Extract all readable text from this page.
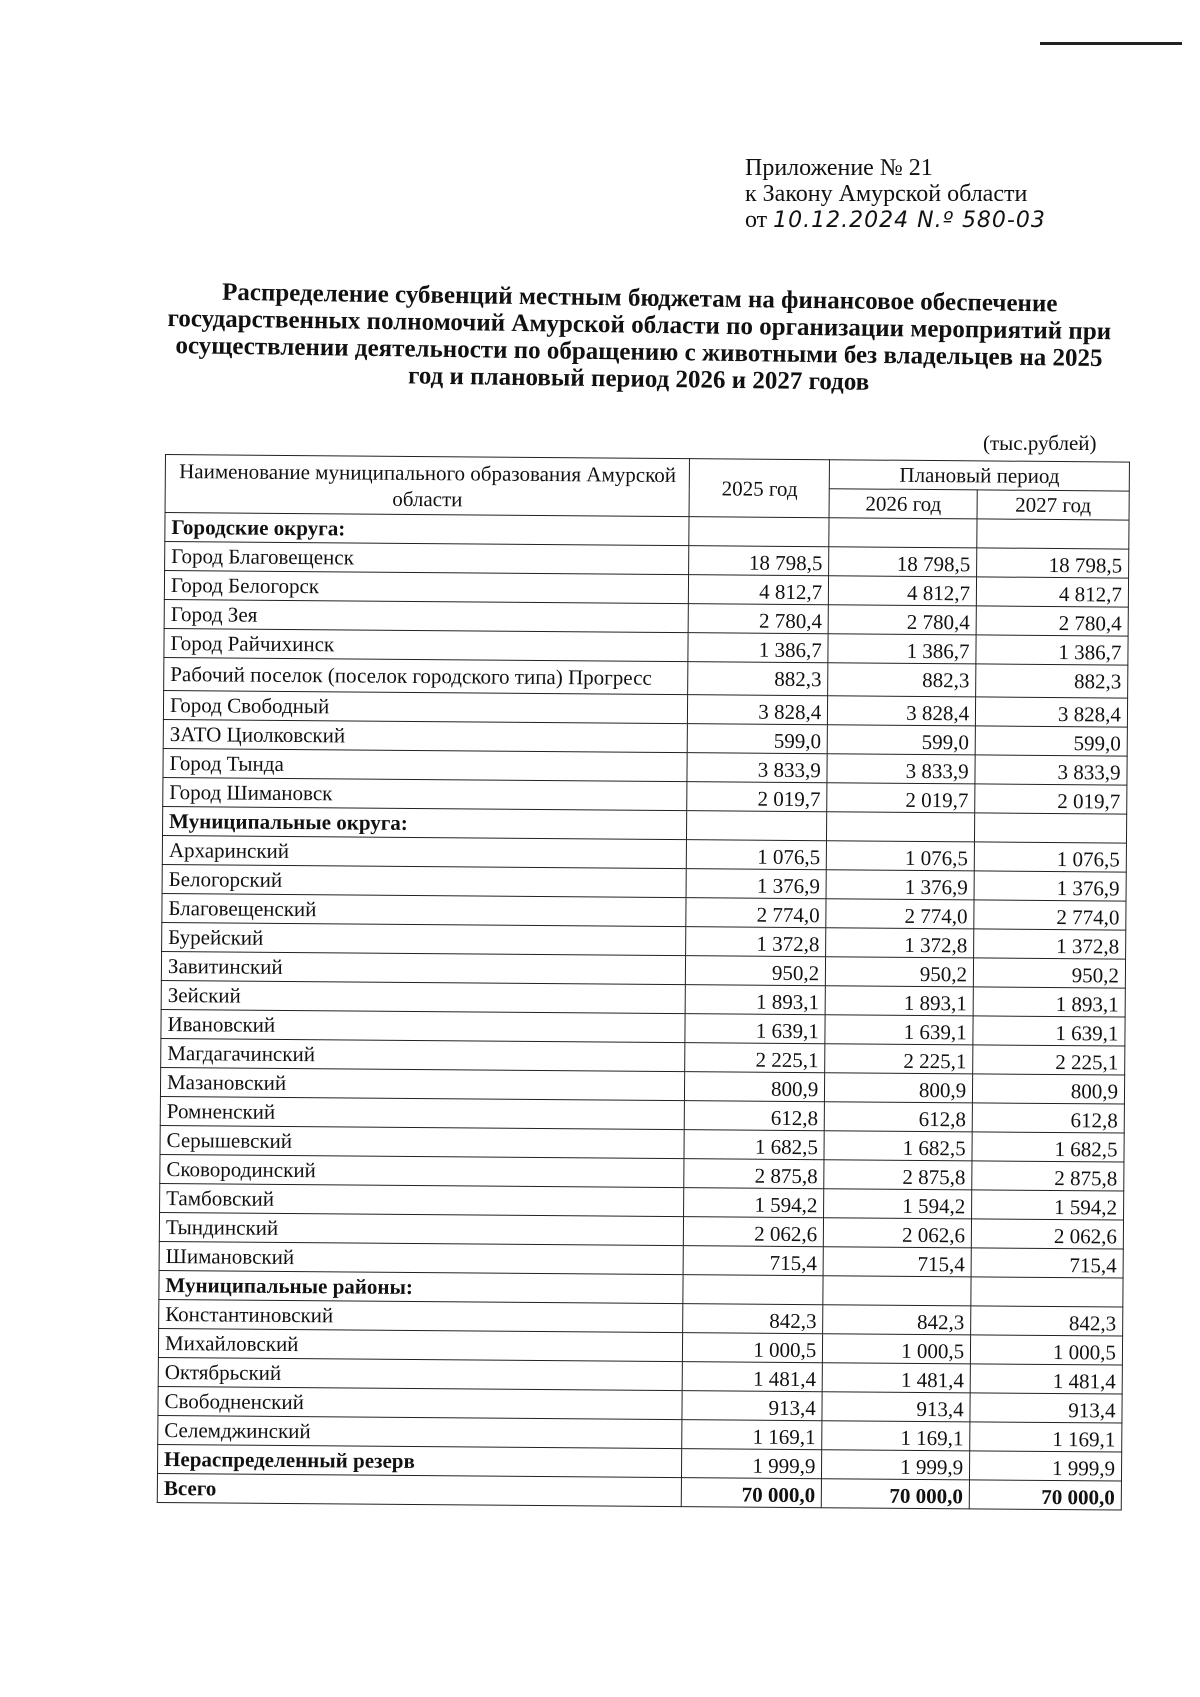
Приложение № 21
к Закону Амурской области
от 10.12.2024 N.º 580-03
Распределение субвенций местным бюджетам на финансовое обеспечение государственных полномочий Амурской области по организации мероприятий при осуществлении деятельности по обращению с животными без владельцев на 2025 год и плановый период 2026 и 2027 годов
(тыс.рублей)
Наименование муниципального образования Амурской области	2025 год	Плановый период	
		2026 год	2027 год
Городские округа:			
Город Благовещенск	18 798,5	18 798,5	18 798,5
Город Белогорск	4 812,7	4 812,7	4 812,7
Город Зея	2 780,4	2 780,4	2 780,4
Город Райчихинск	1 386,7	1 386,7	1 386,7
Рабочий поселок (поселок городского типа) Прогресс	882,3	882,3	882,3
Город Свободный	3 828,4	3 828,4	3 828,4
ЗАТО Циолковский	599,0	599,0	599,0
Город Тында	3 833,9	3 833,9	3 833,9
Город Шимановск	2 019,7	2 019,7	2 019,7
Муниципальные округа:			
Архаринский	1 076,5	1 076,5	1 076,5
Белогорский	1 376,9	1 376,9	1 376,9
Благовещенский	2 774,0	2 774,0	2 774,0
Бурейский	1 372,8	1 372,8	1 372,8
Завитинский	950,2	950,2	950,2
Зейский	1 893,1	1 893,1	1 893,1
Ивановский	1 639,1	1 639,1	1 639,1
Магдагачинский	2 225,1	2 225,1	2 225,1
Мазановский	800,9	800,9	800,9
Ромненский	612,8	612,8	612,8
Серышевский	1 682,5	1 682,5	1 682,5
Сковородинский	2 875,8	2 875,8	2 875,8
Тамбовский	1 594,2	1 594,2	1 594,2
Тындинский	2 062,6	2 062,6	2 062,6
Шимановский	715,4	715,4	715,4
Муниципальные районы:			
Константиновский	842,3	842,3	842,3
Михайловский	1 000,5	1 000,5	1 000,5
Октябрьский	1 481,4	1 481,4	1 481,4
Свободненский	913,4	913,4	913,4
Селемджинский	1 169,1	1 169,1	1 169,1
Нераспределенный резерв	1 999,9	1 999,9	1 999,9
Всего	70 000,0	70 000,0	70 000,0
